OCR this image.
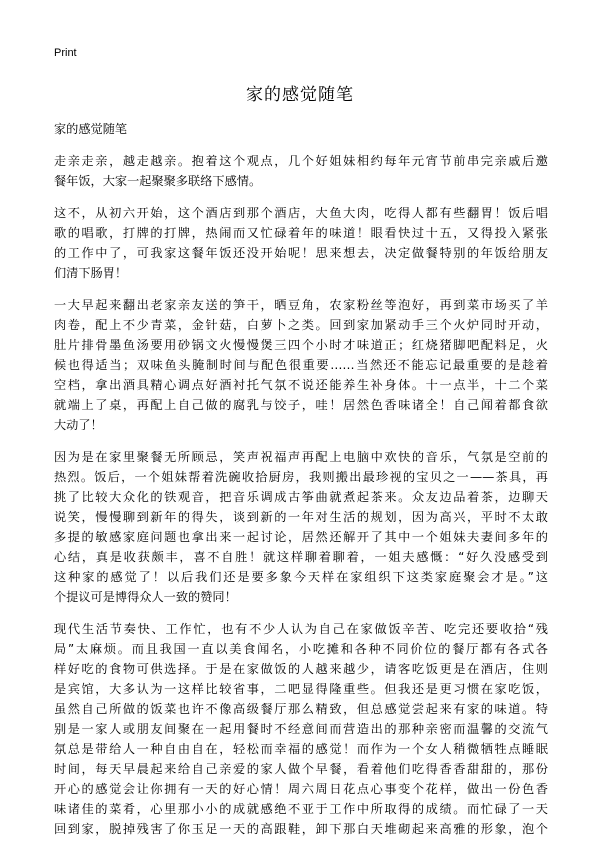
Print
家的感觉随笔
家的感觉随笔
走亲走亲，越走越亲。抱着这个观点，几个好姐妹相约每年元宵节前串完亲戚后邀
餐年饭，大家一起聚聚多联络下感情。
这不，从初六开始，这个酒店到那个酒店，大鱼大肉，吃得人都有些翻胃！饭后唱
歌的唱歌，打牌的打牌，热闹而又忙碌着年的味道！眼看快过十五，又得投入紧张
的工作中了，可我家这餐年饭还没开始呢！思来想去，决定做餐特别的年饭给朋友
们清下肠胃！
一大早起来翻出老家亲友送的笋干，晒豆角，农家粉丝等泡好，再到菜市场买了羊
肉卷，配上不少青菜，金针菇，白萝卜之类。回到家加紧动手三个火炉同时开动，
肚片排骨墨鱼汤要用砂锅文火慢慢煲三四个小时才味道正；红烧猪脚吧配料足，火
候也得适当；双味鱼头腌制时间与配色很重要……当然还不能忘记最重要的是趁着
空档，拿出酒具精心调点好酒衬托气氛不说还能养生补身体。十一点半，十二个菜
就端上了桌，再配上自己做的腐乳与饺子，哇！居然色香味诸全！自己闻着都食欲
大动了！
因为是在家里聚餐无所顾忌，笑声祝福声再配上电脑中欢快的音乐，气氛是空前的
热烈。饭后，一个姐妹帮着洗碗收拾厨房，我则搬出最珍视的宝贝之一——茶具，再
挑了比较大众化的铁观音，把音乐调成古筝曲就煮起茶来。众友边品着茶，边聊天
说笑，慢慢聊到新年的得失，谈到新的一年对生活的规划，因为高兴，平时不太敢
多提的敏感家庭问题也拿出来一起讨论，居然还解开了其中一个姐妹夫妻间多年的
心结，真是收获颇丰，喜不自胜！就这样聊着聊着，一姐夫感慨：“好久没感受到
这种家的感觉了！以后我们还是要多象今天样在家组织下这类家庭聚会才是。”这
个提议可是博得众人一致的赞同！
现代生活节奏快、工作忙，也有不少人认为自己在家做饭辛苦、吃完还要收拾“残
局”太麻烦。而且我国一直以美食闻名，小吃摊和各种不同价位的餐厅都有各式各
样好吃的食物可供选择。于是在家做饭的人越来越少，请客吃饭更是在酒店，住则
是宾馆，大多认为一这样比较省事，二吧显得隆重些。但我还是更习惯在家吃饭，
虽然自己所做的饭菜也许不像高级餐厅那么精致，但总感觉尝起来有家的味道。特
别是一家人或朋友间聚在一起用餐时不经意间而营造出的那种亲密而温馨的交流气
氛总是带给人一种自由自在，轻松而幸福的感觉！而作为一个女人稍微牺牲点睡眠
时间，每天早晨起来给自己亲爱的家人做个早餐，看着他们吃得香香甜甜的，那份
开心的感觉会让你拥有一天的好心情！周六周日花点心事变个花样，做出一份色香
味诸佳的菜肴，心里那小小的成就感绝不亚于工作中所取得的成绩。而忙碌了一天
回到家，脱掉残害了你玉足一天的高跟鞋，卸下那白天堆砌起来高雅的形象，泡个
